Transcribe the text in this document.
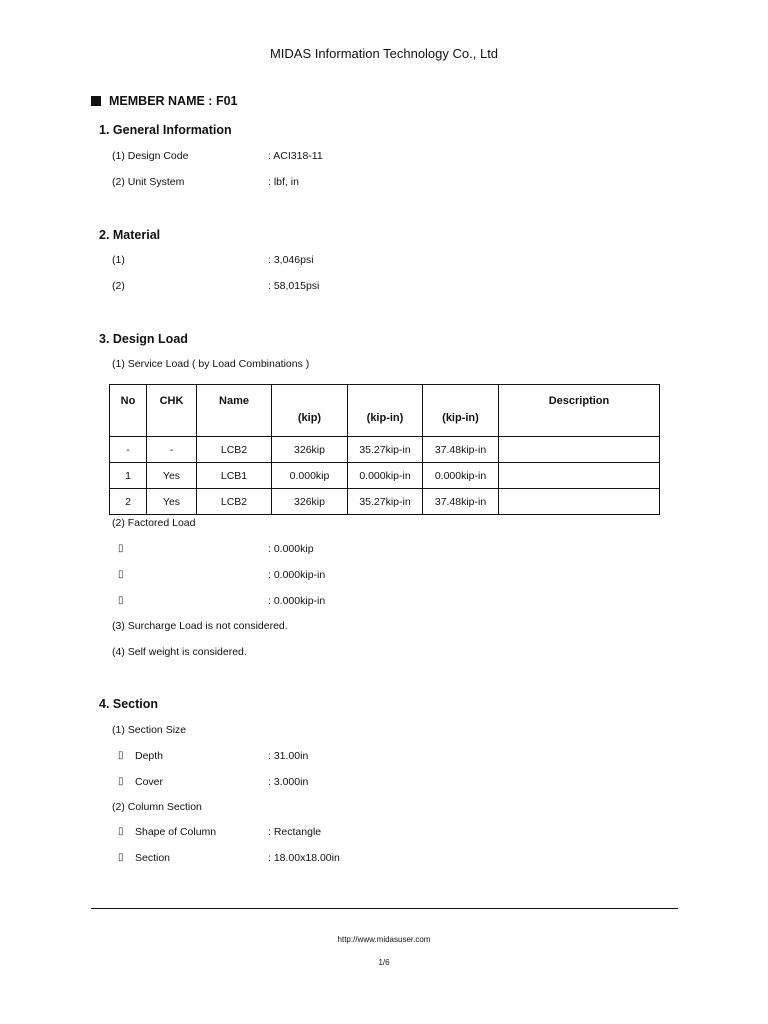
MIDAS Information Technology Co., Ltd
MEMBER NAME : F01
1. General Information
(1) Design Code	: ACI318-11
(2) Unit System	: lbf, in
2. Material
(1)	: 3,046psi
(2)	: 58,015psi
3. Design Load
(1) Service Load ( by Load Combinations )
No	CHK	Name	(kip)	(kip-in)	(kip-in)	Description

-	-	LCB2	326kip	35.27kip-in	37.48kip-in	
1	Yes	LCB1	0.000kip	0.000kip-in	0.000kip-in	
2	Yes	LCB2	326kip	35.27kip-in	37.48kip-in	
(2) Factored Load
▯	: 0.000kip
▯	: 0.000kip-in
▯	: 0.000kip-in
(3) Surcharge Load is not considered.
(4) Self weight is considered.
4. Section
(1) Section Size
▯ Depth	: 31.00in
▯ Cover	: 3.000in
(2) Column Section
▯ Shape of Column	: Rectangle
▯ Section	: 18.00x18.00in
http://www.midasuser.com
1/6
